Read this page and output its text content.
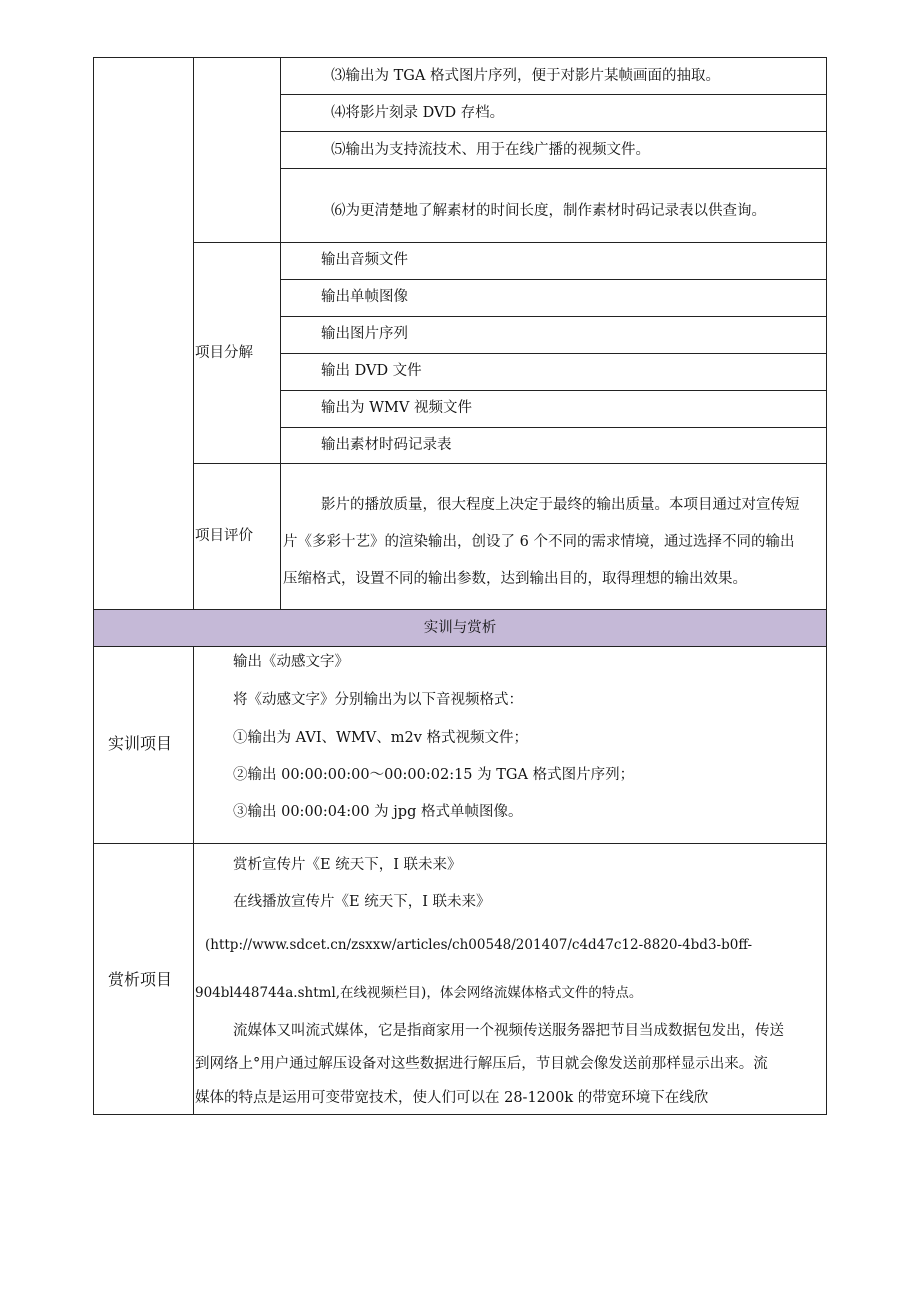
⑶输出为 TGA 格式图片序列，便于对影片某帧画面的抽取。
⑷将影片刻录 DVD 存档。
⑸输出为支持流技术、用于在线广播的视频文件。
⑹为更清楚地了解素材的时间长度，制作素材时码记录表以供查询。
项目分解
输出音频文件
输出单帧图像
输出图片序列
输出 DVD 文件
输出为 WMV 视频文件
输出素材时码记录表
项目评价
影片的播放质量，很大程度上决定于最终的输出质量。本项目通过对宣传短
片《多彩十艺》的渲染输出，创设了 6 个不同的需求情境，通过选择不同的输出
压缩格式，设置不同的输出参数，达到输出目的，取得理想的输出效果。
实训与赏析
实训项目
输出《动感文字》
将《动感文字》分别输出为以下音视频格式：
①输出为 AVI、WMV、m2v 格式视频文件；
②输出 00:00:00:00～00:00:02:15 为 TGA 格式图片序列；
③输出 00:00:04:00 为 jpg 格式单帧图像。
赏析项目
赏析宣传片《E 统天下，I 联未来》
在线播放宣传片《E 统天下，I 联未来》
(http://www.sdcet.cn/zsxxw/articles/ch00548/201407/c4d47c12-8820-4bd3-b0ff-
904bl448744a.shtml,在线视频栏目)，体会网络流媒体格式文件的特点。
流媒体又叫流式媒体，它是指商家用一个视频传送服务器把节目当成数据包发出，传送
到网络上°用户通过解压设备对这些数据进行解压后，节目就会像发送前那样显示出来。流
媒体的特点是运用可变带宽技术，使人们可以在 28-1200k 的带宽环境下在线欣
